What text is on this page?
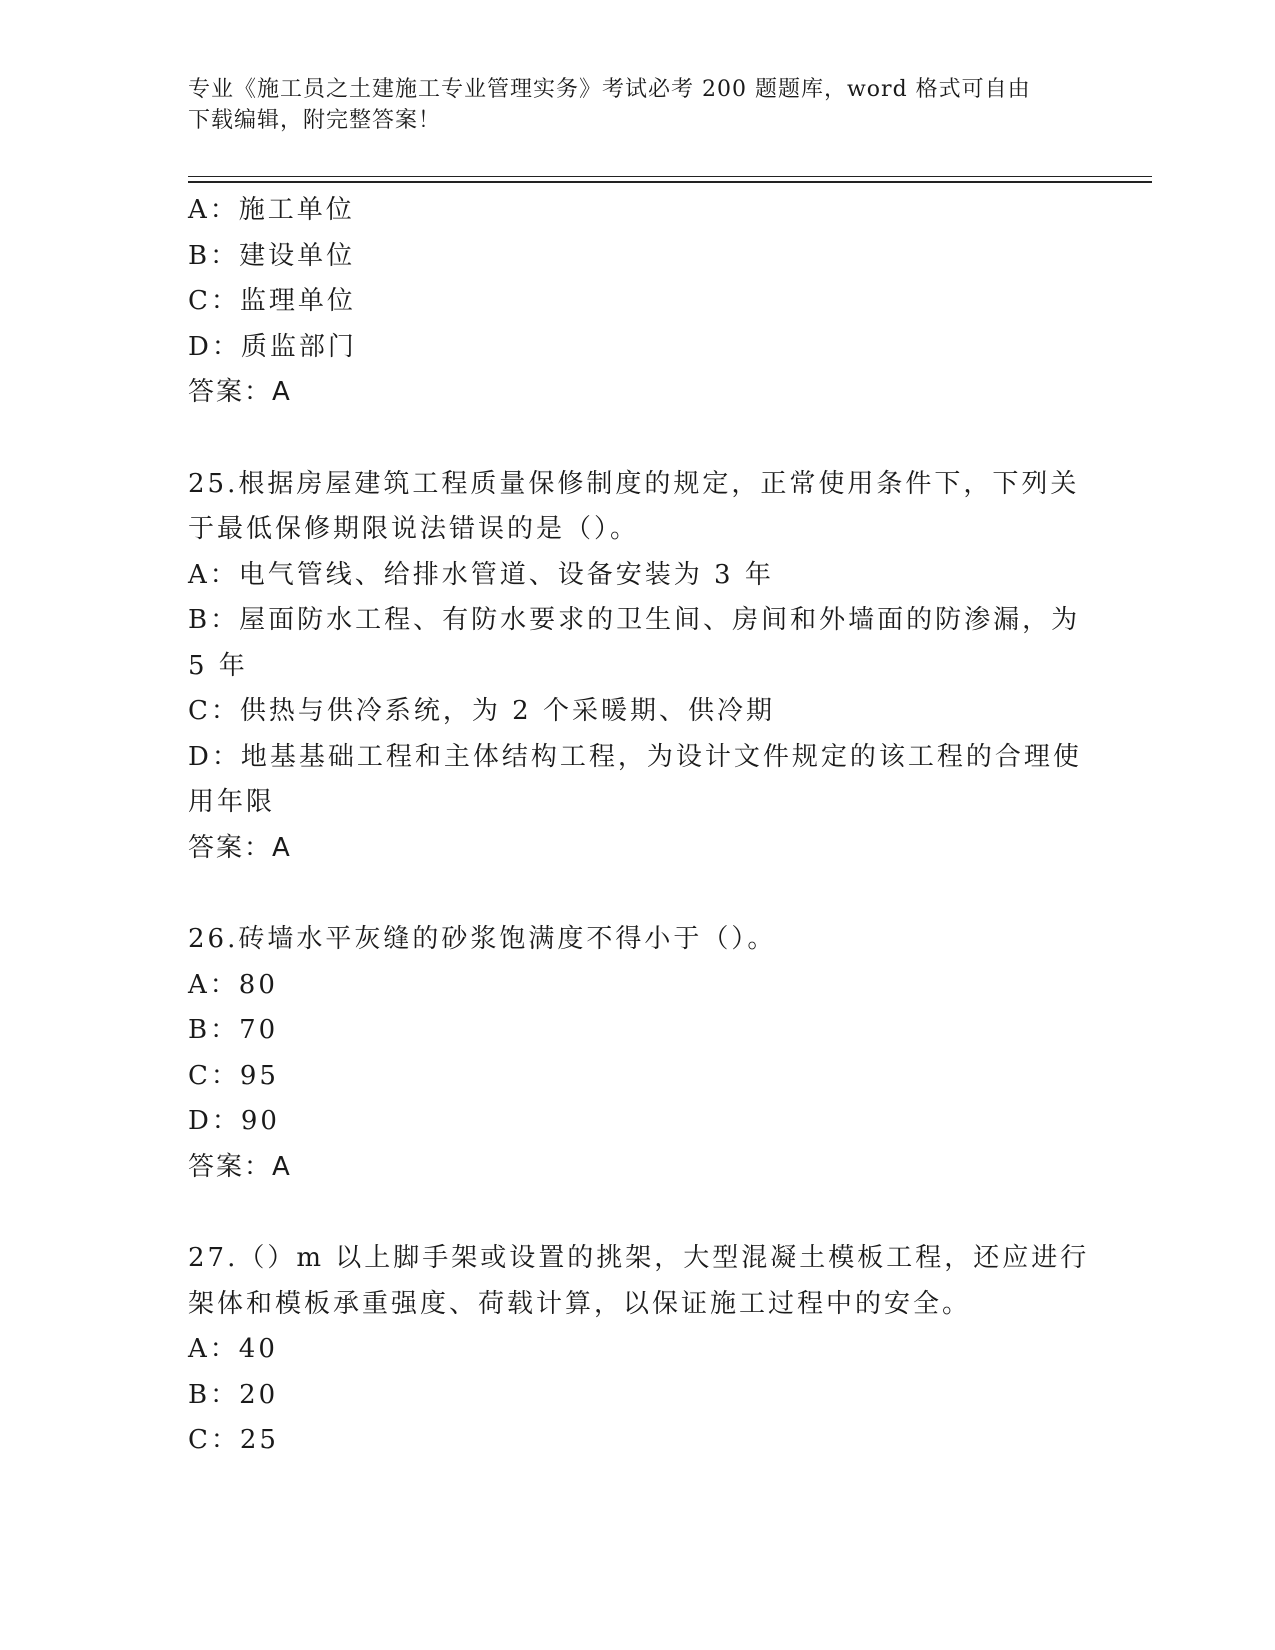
专业《施工员之土建施工专业管理实务》考试必考 200 题题库，word 格式可自由
下载编辑，附完整答案！
A：施工单位
B：建设单位
C：监理单位
D：质监部门
答案：A
25.根据房屋建筑工程质量保修制度的规定，正常使用条件下，下列关
于最低保修期限说法错误的是（）。
A：电气管线、给排水管道、设备安装为 3 年
B：屋面防水工程、有防水要求的卫生间、房间和外墙面的防渗漏，为
5 年
C：供热与供冷系统，为 2 个采暖期、供冷期
D：地基基础工程和主体结构工程，为设计文件规定的该工程的合理使
用年限
答案：A
26.砖墙水平灰缝的砂浆饱满度不得小于（）。
A：80
B：70
C：95
D：90
答案：A
27.（）m 以上脚手架或设置的挑架，大型混凝土模板工程，还应进行
架体和模板承重强度、荷载计算，以保证施工过程中的安全。
A：40
B：20
C：25
